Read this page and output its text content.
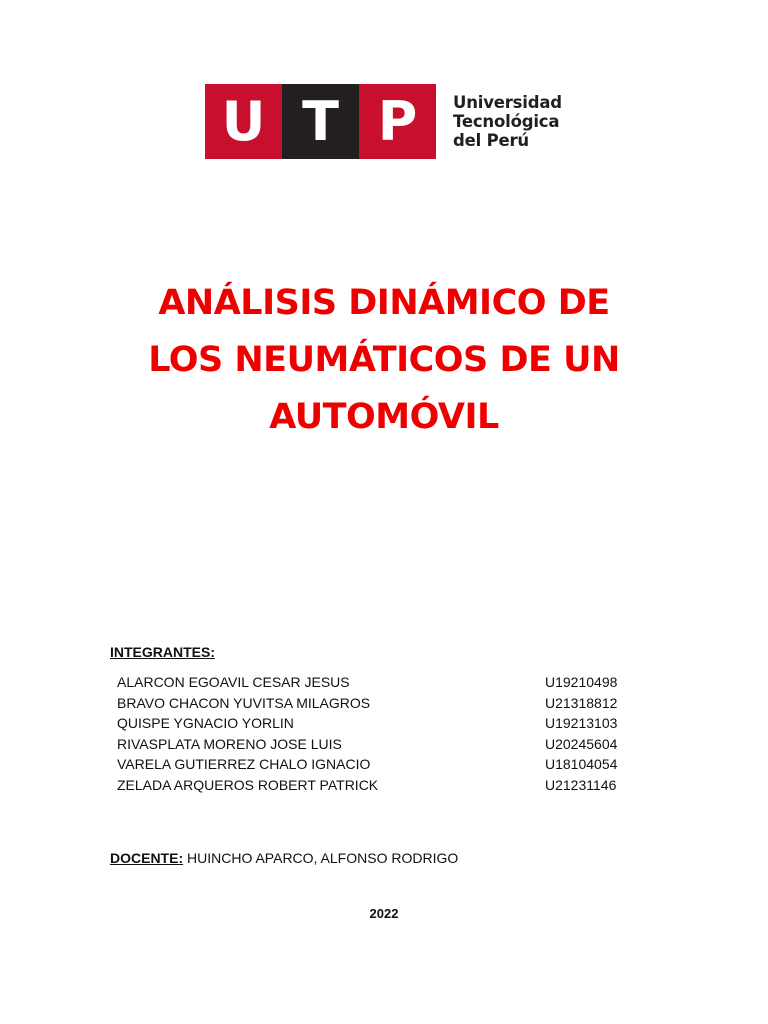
U T P	Universidad
Tecnológica
del Perú
ANÁLISIS DINÁMICO DE
LOS NEUMÁTICOS DE UN
AUTOMÓVIL
INTEGRANTES:
ALARCON EGOAVIL CESAR JESUS	U19210498
BRAVO CHACON YUVITSA MILAGROS	U21318812
QUISPE YGNACIO YORLIN	U19213103
RIVASPLATA MORENO JOSE LUIS	U20245604
VARELA GUTIERREZ CHALO IGNACIO	U18104054
ZELADA ARQUEROS ROBERT PATRICK	U21231146
DOCENTE: HUINCHO APARCO, ALFONSO RODRIGO
2022
